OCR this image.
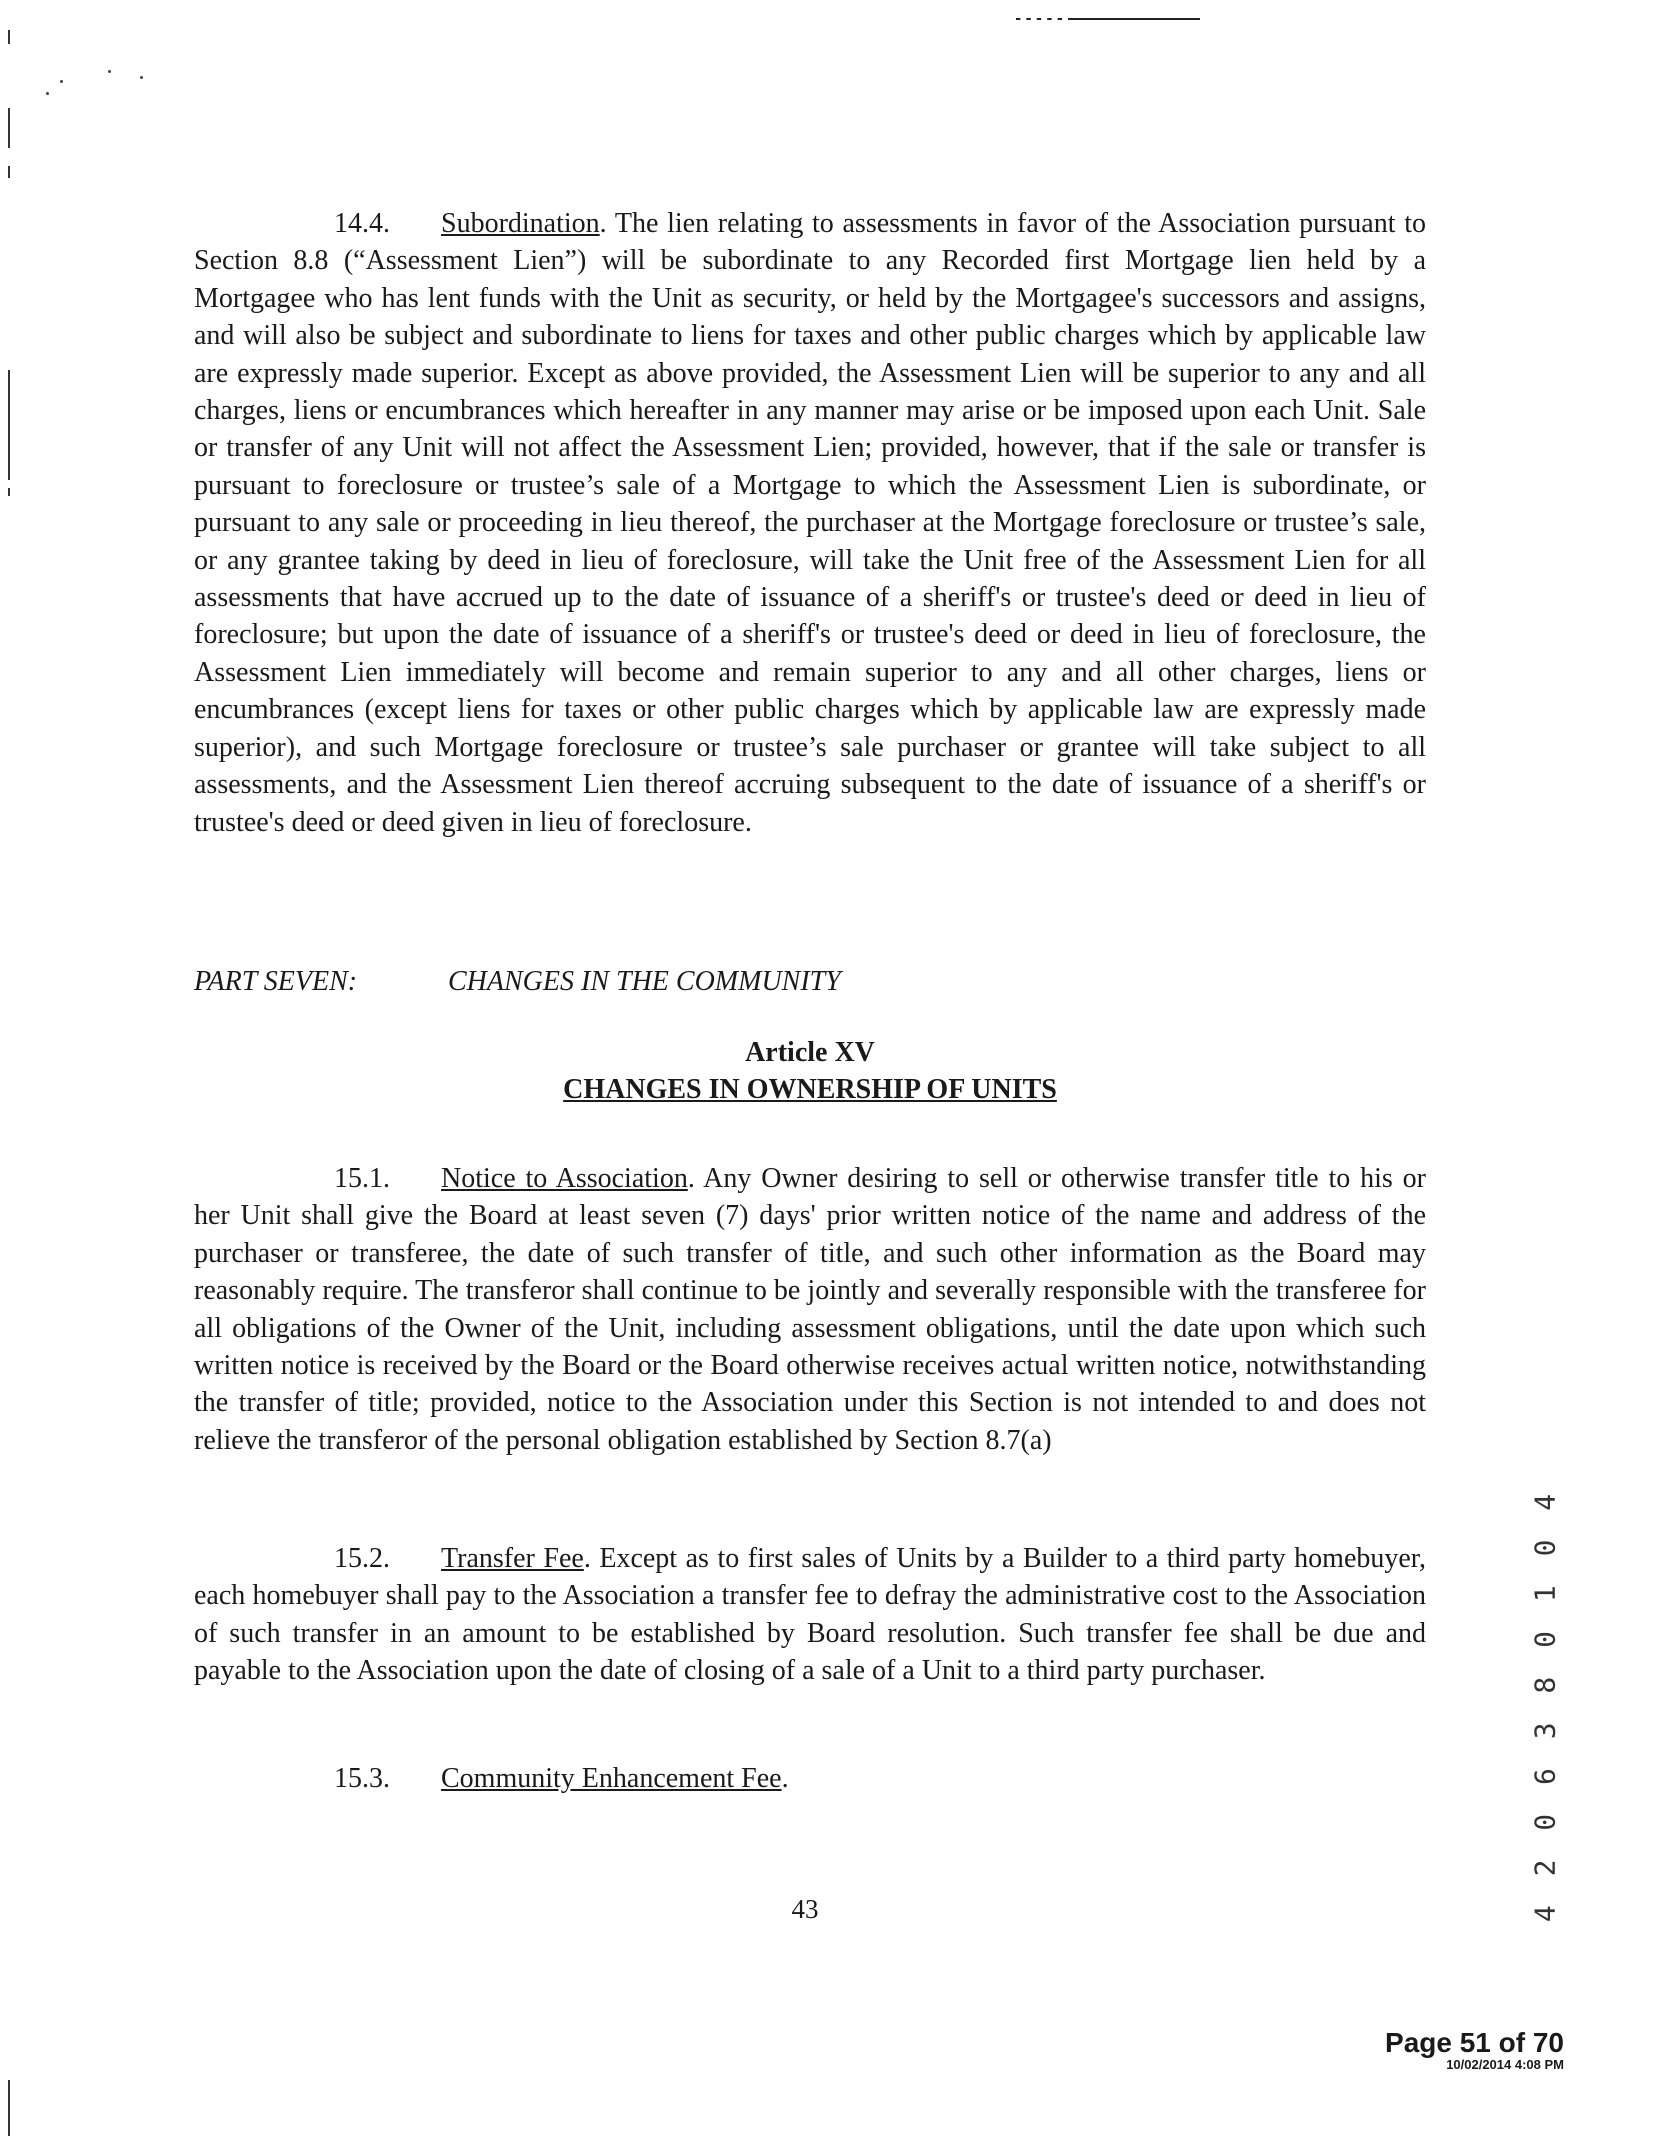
14.4. Subordination. The lien relating to assessments in favor of the Association pursuant to Section 8.8 (“Assessment Lien”) will be subordinate to any Recorded first Mortgage lien held by a Mortgagee who has lent funds with the Unit as security, or held by the Mortgagee's successors and assigns, and will also be subject and subordinate to liens for taxes and other public charges which by applicable law are expressly made superior. Except as above provided, the Assessment Lien will be superior to any and all charges, liens or encumbrances which hereafter in any manner may arise or be imposed upon each Unit. Sale or transfer of any Unit will not affect the Assessment Lien; provided, however, that if the sale or transfer is pursuant to foreclosure or trustee’s sale of a Mortgage to which the Assessment Lien is subordinate, or pursuant to any sale or proceeding in lieu thereof, the purchaser at the Mortgage foreclosure or trustee’s sale, or any grantee taking by deed in lieu of foreclosure, will take the Unit free of the Assessment Lien for all assessments that have accrued up to the date of issuance of a sheriff's or trustee's deed or deed in lieu of foreclosure; but upon the date of issuance of a sheriff's or trustee's deed or deed in lieu of foreclosure, the Assessment Lien immediately will become and remain superior to any and all other charges, liens or encumbrances (except liens for taxes or other public charges which by applicable law are expressly made superior), and such Mortgage foreclosure or trustee’s sale purchaser or grantee will take subject to all assessments, and the Assessment Lien thereof accruing subsequent to the date of issuance of a sheriff's or trustee's deed or deed given in lieu of foreclosure.

PART SEVEN:	CHANGES IN THE COMMUNITY
Article XV
CHANGES IN OWNERSHIP OF UNITS

15.1. Notice to Association. Any Owner desiring to sell or otherwise transfer title to his or her Unit shall give the Board at least seven (7) days' prior written notice of the name and address of the purchaser or transferee, the date of such transfer of title, and such other information as the Board may reasonably require. The transferor shall continue to be jointly and severally responsible with the transferee for all obligations of the Owner of the Unit, including assessment obligations, until the date upon which such written notice is received by the Board or the Board otherwise receives actual written notice, notwithstanding the transfer of title; provided, notice to the Association under this Section is not intended to and does not relieve the transferor of the personal obligation established by Section 8.7(a)

15.2. Transfer Fee. Except as to first sales of Units by a Builder to a third party homebuyer, each homebuyer shall pay to the Association a transfer fee to defray the administrative cost to the Association of such transfer in an amount to be established by Board resolution. Such transfer fee shall be due and payable to the Association upon the date of closing of a sale of a Unit to a third party purchaser.

15.3. Community Enhancement Fee.

43	4 2 0 6 3 8 0 1 0 4
Page 51 of 70
10/02/2014 4:08 PM
